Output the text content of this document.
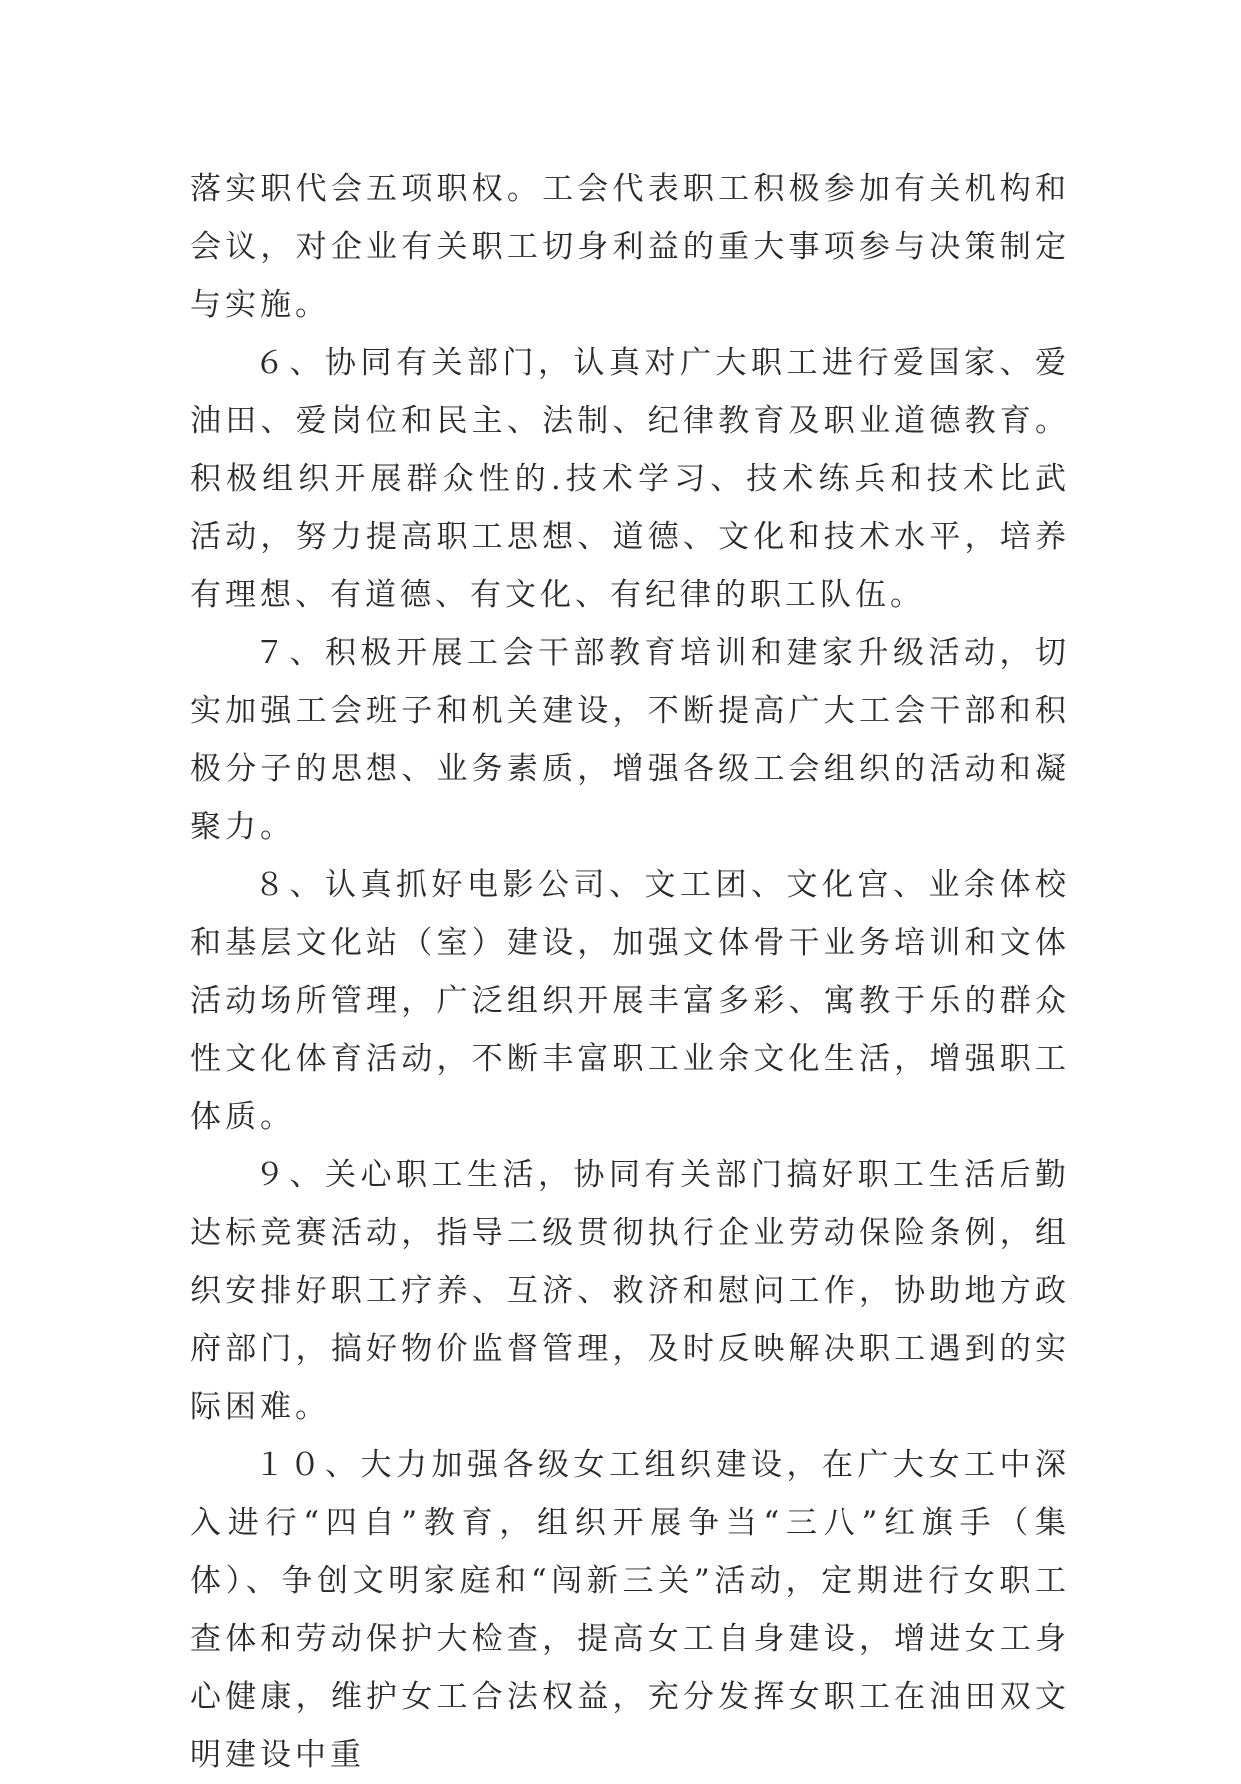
落实职代会五项职权。工会代表职工积极参加有关机构和会议，对企业有关职工切身利益的重大事项参与决策制定与实施。

６、协同有关部门，认真对广大职工进行爱国家、爱油田、爱岗位和民主、法制、纪律教育及职业道德教育。积极组织开展群众性的.技术学习、技术练兵和技术比武活动，努力提高职工思想、道德、文化和技术水平，培养有理想、有道德、有文化、有纪律的职工队伍。

７、积极开展工会干部教育培训和建家升级活动，切实加强工会班子和机关建设，不断提高广大工会干部和积极分子的思想、业务素质，增强各级工会组织的活动和凝聚力。

８、认真抓好电影公司、文工团、文化宫、业余体校和基层文化站（室）建设，加强文体骨干业务培训和文体活动场所管理，广泛组织开展丰富多彩、寓教于乐的群众性文化体育活动，不断丰富职工业余文化生活，增强职工体质。

９、关心职工生活，协同有关部门搞好职工生活后勤达标竞赛活动，指导二级贯彻执行企业劳动保险条例，组织安排好职工疗养、互济、救济和慰问工作，协助地方政府部门，搞好物价监督管理，及时反映解决职工遇到的实际困难。

１０、大力加强各级女工组织建设，在广大女工中深入进行“四自”教育，组织开展争当“三八”红旗手（集体）、争创文明家庭和“闯新三关”活动，定期进行女职工查体和劳动保护大检查，提高女工自身建设，增进女工身心健康，维护女工合法权益，充分发挥女职工在油田双文明建设中重
